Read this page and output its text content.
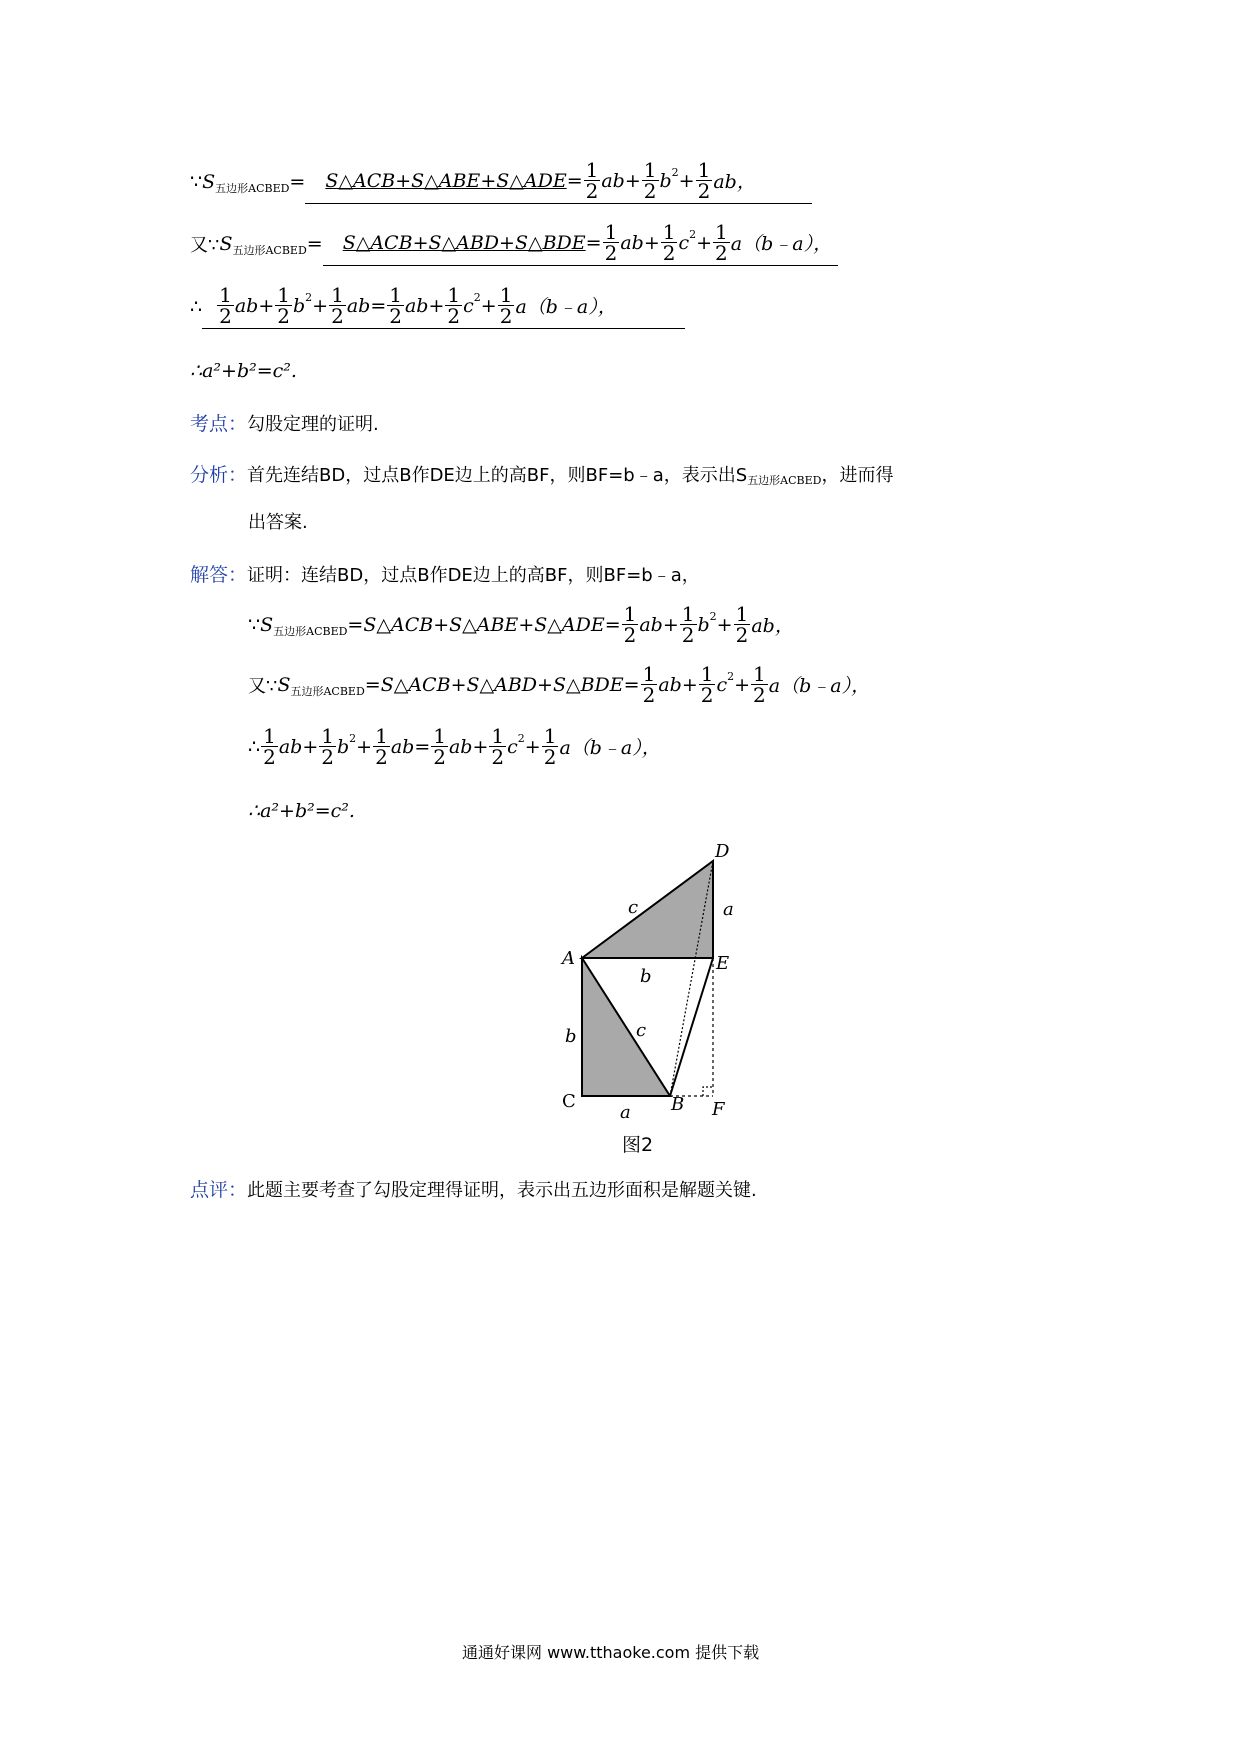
∵ S 五边形ACBED = S△ACB + S△ABE + S△ADE = $\frac{1}{2}$ ab + $\frac{1}{2}$ b $2 + \frac{1}{2}$ ab，
又∵ S 五边形ACBED = S△ACB + S△ABD + S△BDE = $\frac{1}{2}$ ab + $\frac{1}{2}$ c $2 + \frac{1}{2}$ a（b﹣a），
∴ $\frac{1}{2}$ ab + $\frac{1}{2}$ b $2 + \frac{1}{2}$ ab = $\frac{1}{2}$ ab + $\frac{1}{2}$ c $2 + \frac{1}{2}$ a（b﹣a），
∴a²+b²=c².
考点： 勾股定理的证明.
分析： 首先连结BD，过点B作DE边上的高BF，则BF=b﹣a，表示出S 五边形ACBED ，进而得
出答案.
解答： 证明：连结BD，过点B作DE边上的高BF，则BF=b﹣a，
∵ S 五边形ACBED = S△ACB + S△ABE + S△ADE = $\frac{1}{2}$ ab + $\frac{1}{2}$ b $2 + \frac{1}{2}$ ab，
又∵ S 五边形ACBED = S△ACB + S△ABD + S△BDE = $\frac{1}{2}$ ab + $\frac{1}{2}$ c $2 + \frac{1}{2}$ a（b﹣a），
∴ $\frac{1}{2}$ ab + $\frac{1}{2}$ b $2 + \frac{1}{2}$ ab = $\frac{1}{2}$ ab + $\frac{1}{2}$ c $2 + \frac{1}{2}$ a（b﹣a），
∴a²+b²=c².
D
A	E
C	B F
c	a
b
c
b
a
图2
点评： 此题主要考查了勾股定理得证明，表示出五边形面积是解题关键.
通通好课网 www.tthaoke.com 提供下载
